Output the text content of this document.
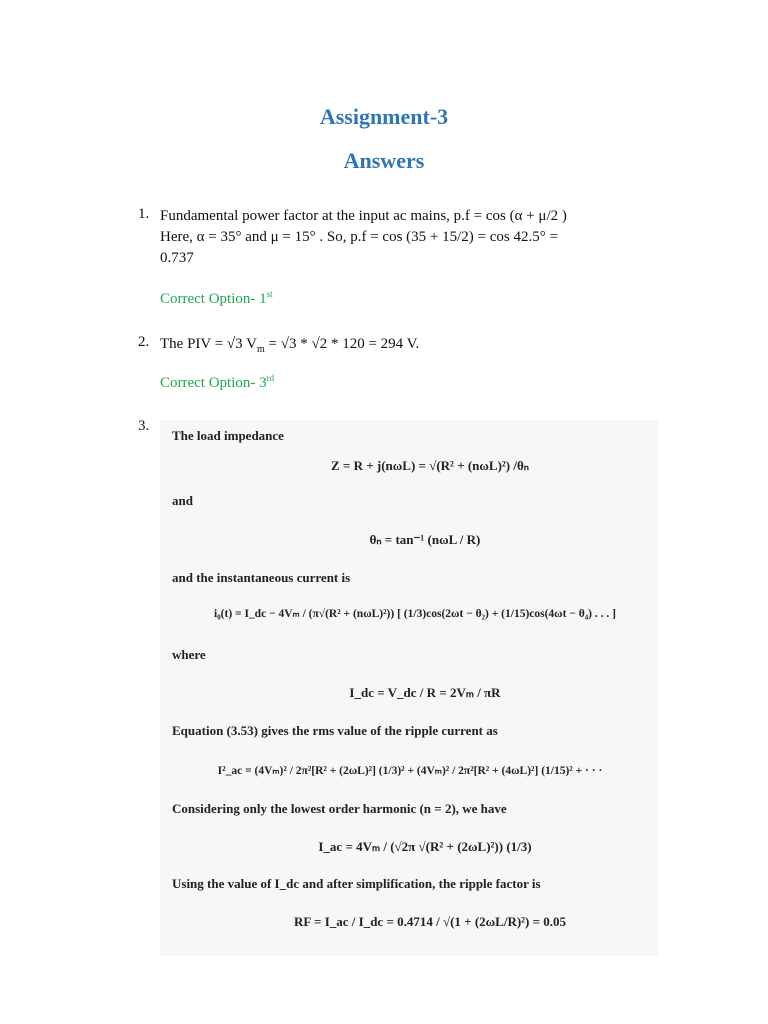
Assignment-3
Answers
1. Fundamental power factor at the input ac mains, p.f = cos (α + μ/2 )
Here, α = 35° and μ = 15° . So, p.f = cos (35 + 15/2) = cos 42.5° =
0.737
Correct Option- 1st
2. The PIV = √3 $V_m = √3 * √2 * 120 = 294$ V.
Correct Option- 3rd
3.
The load impedance
Z = R + j(nωL) = √(R² + (nωL)²) /θₙ
and
θₙ = tan⁻¹ (nωL / R)
and the instantaneous current is
i₀(t) = I_dc − 4Vₘ / (π√(R² + (nωL)²)) [ (1/3)cos(2ωt − θ₂) + (1/15)cos(4ωt − θ₄) . . . ]
where
I_dc = V_dc / R = 2Vₘ / πR
Equation (3.53) gives the rms value of the ripple current as
I²_ac = (4Vₘ)² / 2π²[R² + (2ωL)²] (1/3)² + (4Vₘ)² / 2π²[R² + (4ωL)²] (1/15)² + · · ·
Considering only the lowest order harmonic (n = 2), we have
I_ac = 4Vₘ / (√2π √(R² + (2ωL)²)) (1/3)
Using the value of I_dc and after simplification, the ripple factor is
RF = I_ac / I_dc = 0.4714 / √(1 + (2ωL/R)²) = 0.05
